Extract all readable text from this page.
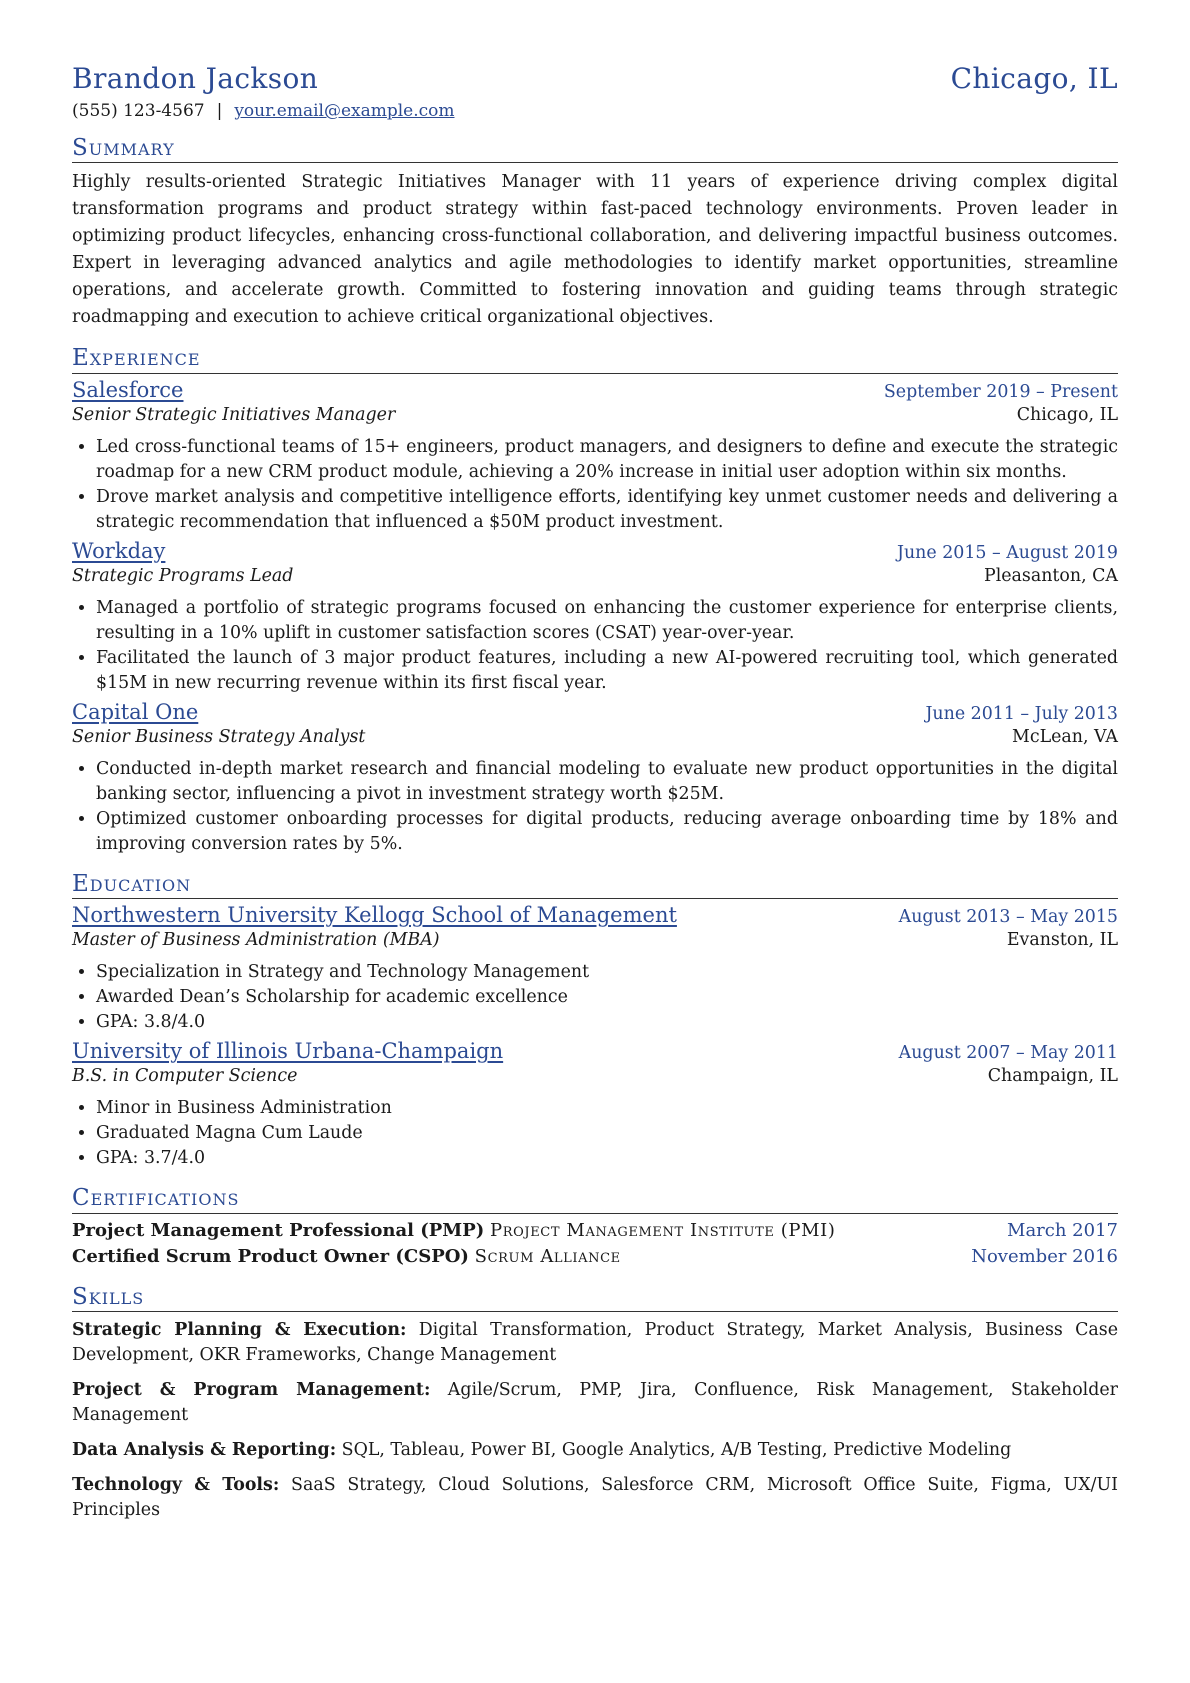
Brandon Jackson	Chicago, IL
(555) 123-4567 | your.email@example.com
Summary
Highly results-oriented Strategic Initiatives Manager with 11 years of experience driving complex digital transformation programs and product strategy within fast-paced technology environments. Proven leader in optimizing product lifecycles, enhancing cross-functional collaboration, and delivering impactful business outcomes. Expert in leveraging advanced analytics and agile methodologies to identify market opportunities, streamline operations, and accelerate growth. Committed to fostering innovation and guiding teams through strategic roadmapping and execution to achieve critical organizational objectives.
Experience
Salesforce	September 2019 – Present
Senior Strategic Initiatives Manager	Chicago, IL
• Led cross-functional teams of 15+ engineers, product managers, and designers to define and execute the strategic roadmap for a new CRM product module, achieving a 20% increase in initial user adoption within six months.
• Drove market analysis and competitive intelligence efforts, identifying key unmet customer needs and delivering a strategic recommendation that influenced a $50M product investment.
Workday	June 2015 – August 2019
Strategic Programs Lead	Pleasanton, CA
• Managed a portfolio of strategic programs focused on enhancing the customer experience for enterprise clients, resulting in a 10% uplift in customer satisfaction scores (CSAT) year-over-year.
• Facilitated the launch of 3 major product features, including a new AI-powered recruiting tool, which generated $15M in new recurring revenue within its first fiscal year.
Capital One	June 2011 – July 2013
Senior Business Strategy Analyst	McLean, VA
• Conducted in-depth market research and financial modeling to evaluate new product opportunities in the digital banking sector, influencing a pivot in investment strategy worth $25M.
• Optimized customer onboarding processes for digital products, reducing average onboarding time by 18% and improving conversion rates by 5%.
Education
Northwestern University Kellogg School of Management	August 2013 – May 2015
Master of Business Administration (MBA)	Evanston, IL
• Specialization in Strategy and Technology Management
• Awarded Dean’s Scholarship for academic excellence
• GPA: 3.8/4.0
University of Illinois Urbana-Champaign	August 2007 – May 2011
B.S. in Computer Science	Champaign, IL
• Minor in Business Administration
• Graduated Magna Cum Laude
• GPA: 3.7/4.0
Certifications
Project Management Professional (PMP) Project Management Institute (PMI)	March 2017
Certified Scrum Product Owner (CSPO) Scrum Alliance	November 2016
Skills
Strategic Planning & Execution: Digital Transformation, Product Strategy, Market Analysis, Business Case Development, OKR Frameworks, Change Management
Project & Program Management: Agile/Scrum, PMP, Jira, Confluence, Risk Management, Stakeholder Management
Data Analysis & Reporting: SQL, Tableau, Power BI, Google Analytics, A/B Testing, Predictive Modeling
Technology & Tools: SaaS Strategy, Cloud Solutions, Salesforce CRM, Microsoft Office Suite, Figma, UX/UI Principles
